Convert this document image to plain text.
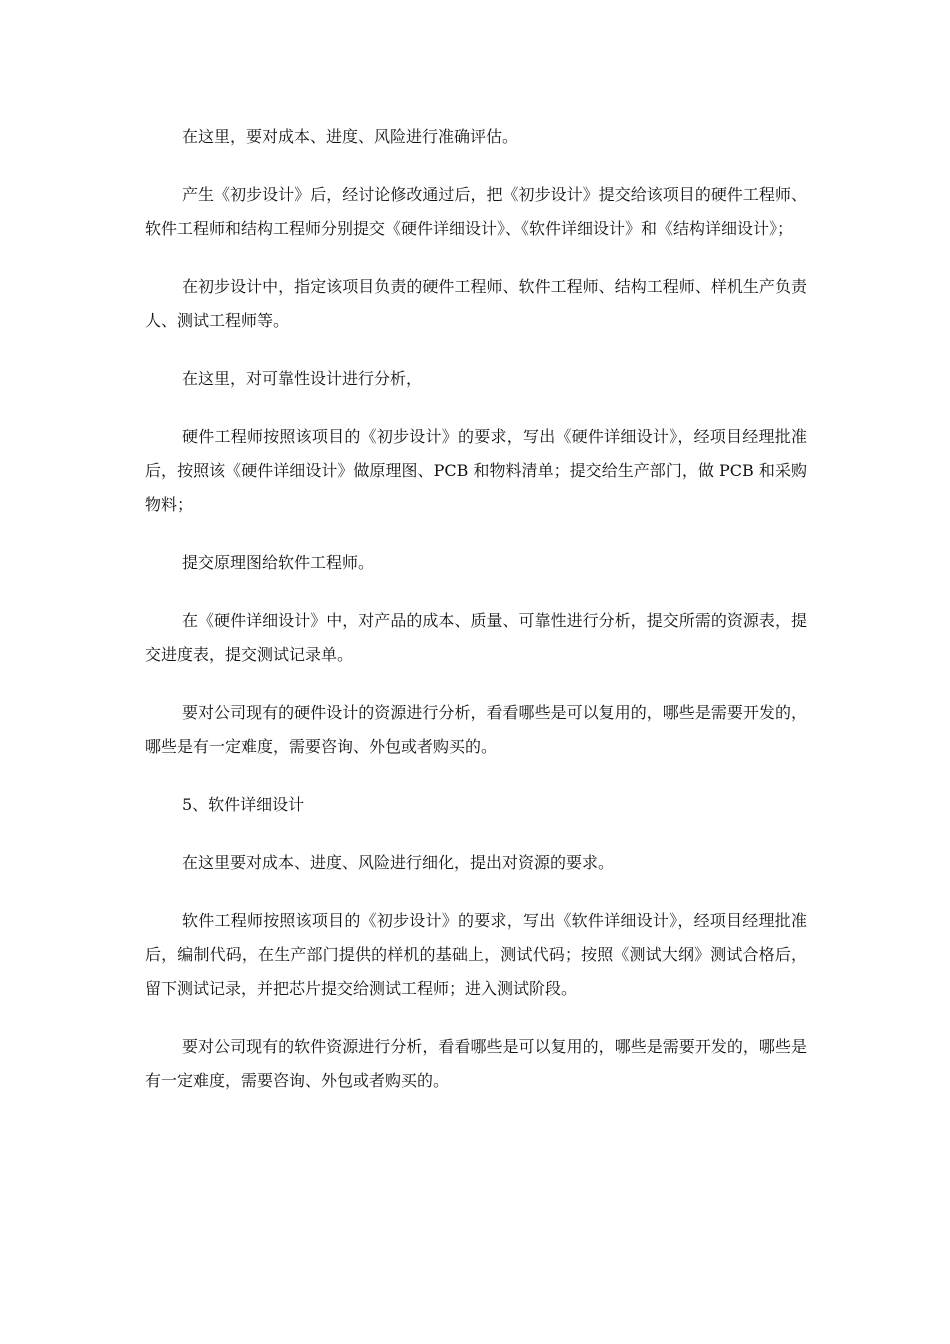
在这里，要对成本、进度、风险进行准确评估。

产生《初步设计》后，经讨论修改通过后，把《初步设计》提交给该项目的硬件工程师、软件工程师和结构工程师分别提交《硬件详细设计》、《软件详细设计》和《结构详细设计》；

在初步设计中，指定该项目负责的硬件工程师、软件工程师、结构工程师、样机生产负责人、测试工程师等。

在这里，对可靠性设计进行分析，

硬件工程师按照该项目的《初步设计》的要求，写出《硬件详细设计》，经项目经理批准后，按照该《硬件详细设计》做原理图、PCB 和物料清单；提交给生产部门，做 PCB 和采购物料；

提交原理图给软件工程师。

在《硬件详细设计》中，对产品的成本、质量、可靠性进行分析，提交所需的资源表，提交进度表，提交测试记录单。

要对公司现有的硬件设计的资源进行分析，看看哪些是可以复用的，哪些是需要开发的，哪些是有一定难度，需要咨询、外包或者购买的。

5、软件详细设计

在这里要对成本、进度、风险进行细化，提出对资源的要求。

软件工程师按照该项目的《初步设计》的要求，写出《软件详细设计》，经项目经理批准后，编制代码，在生产部门提供的样机的基础上，测试代码；按照《测试大纲》测试合格后，留下测试记录，并把芯片提交给测试工程师；进入测试阶段。

要对公司现有的软件资源进行分析，看看哪些是可以复用的，哪些是需要开发的，哪些是有一定难度，需要咨询、外包或者购买的。
